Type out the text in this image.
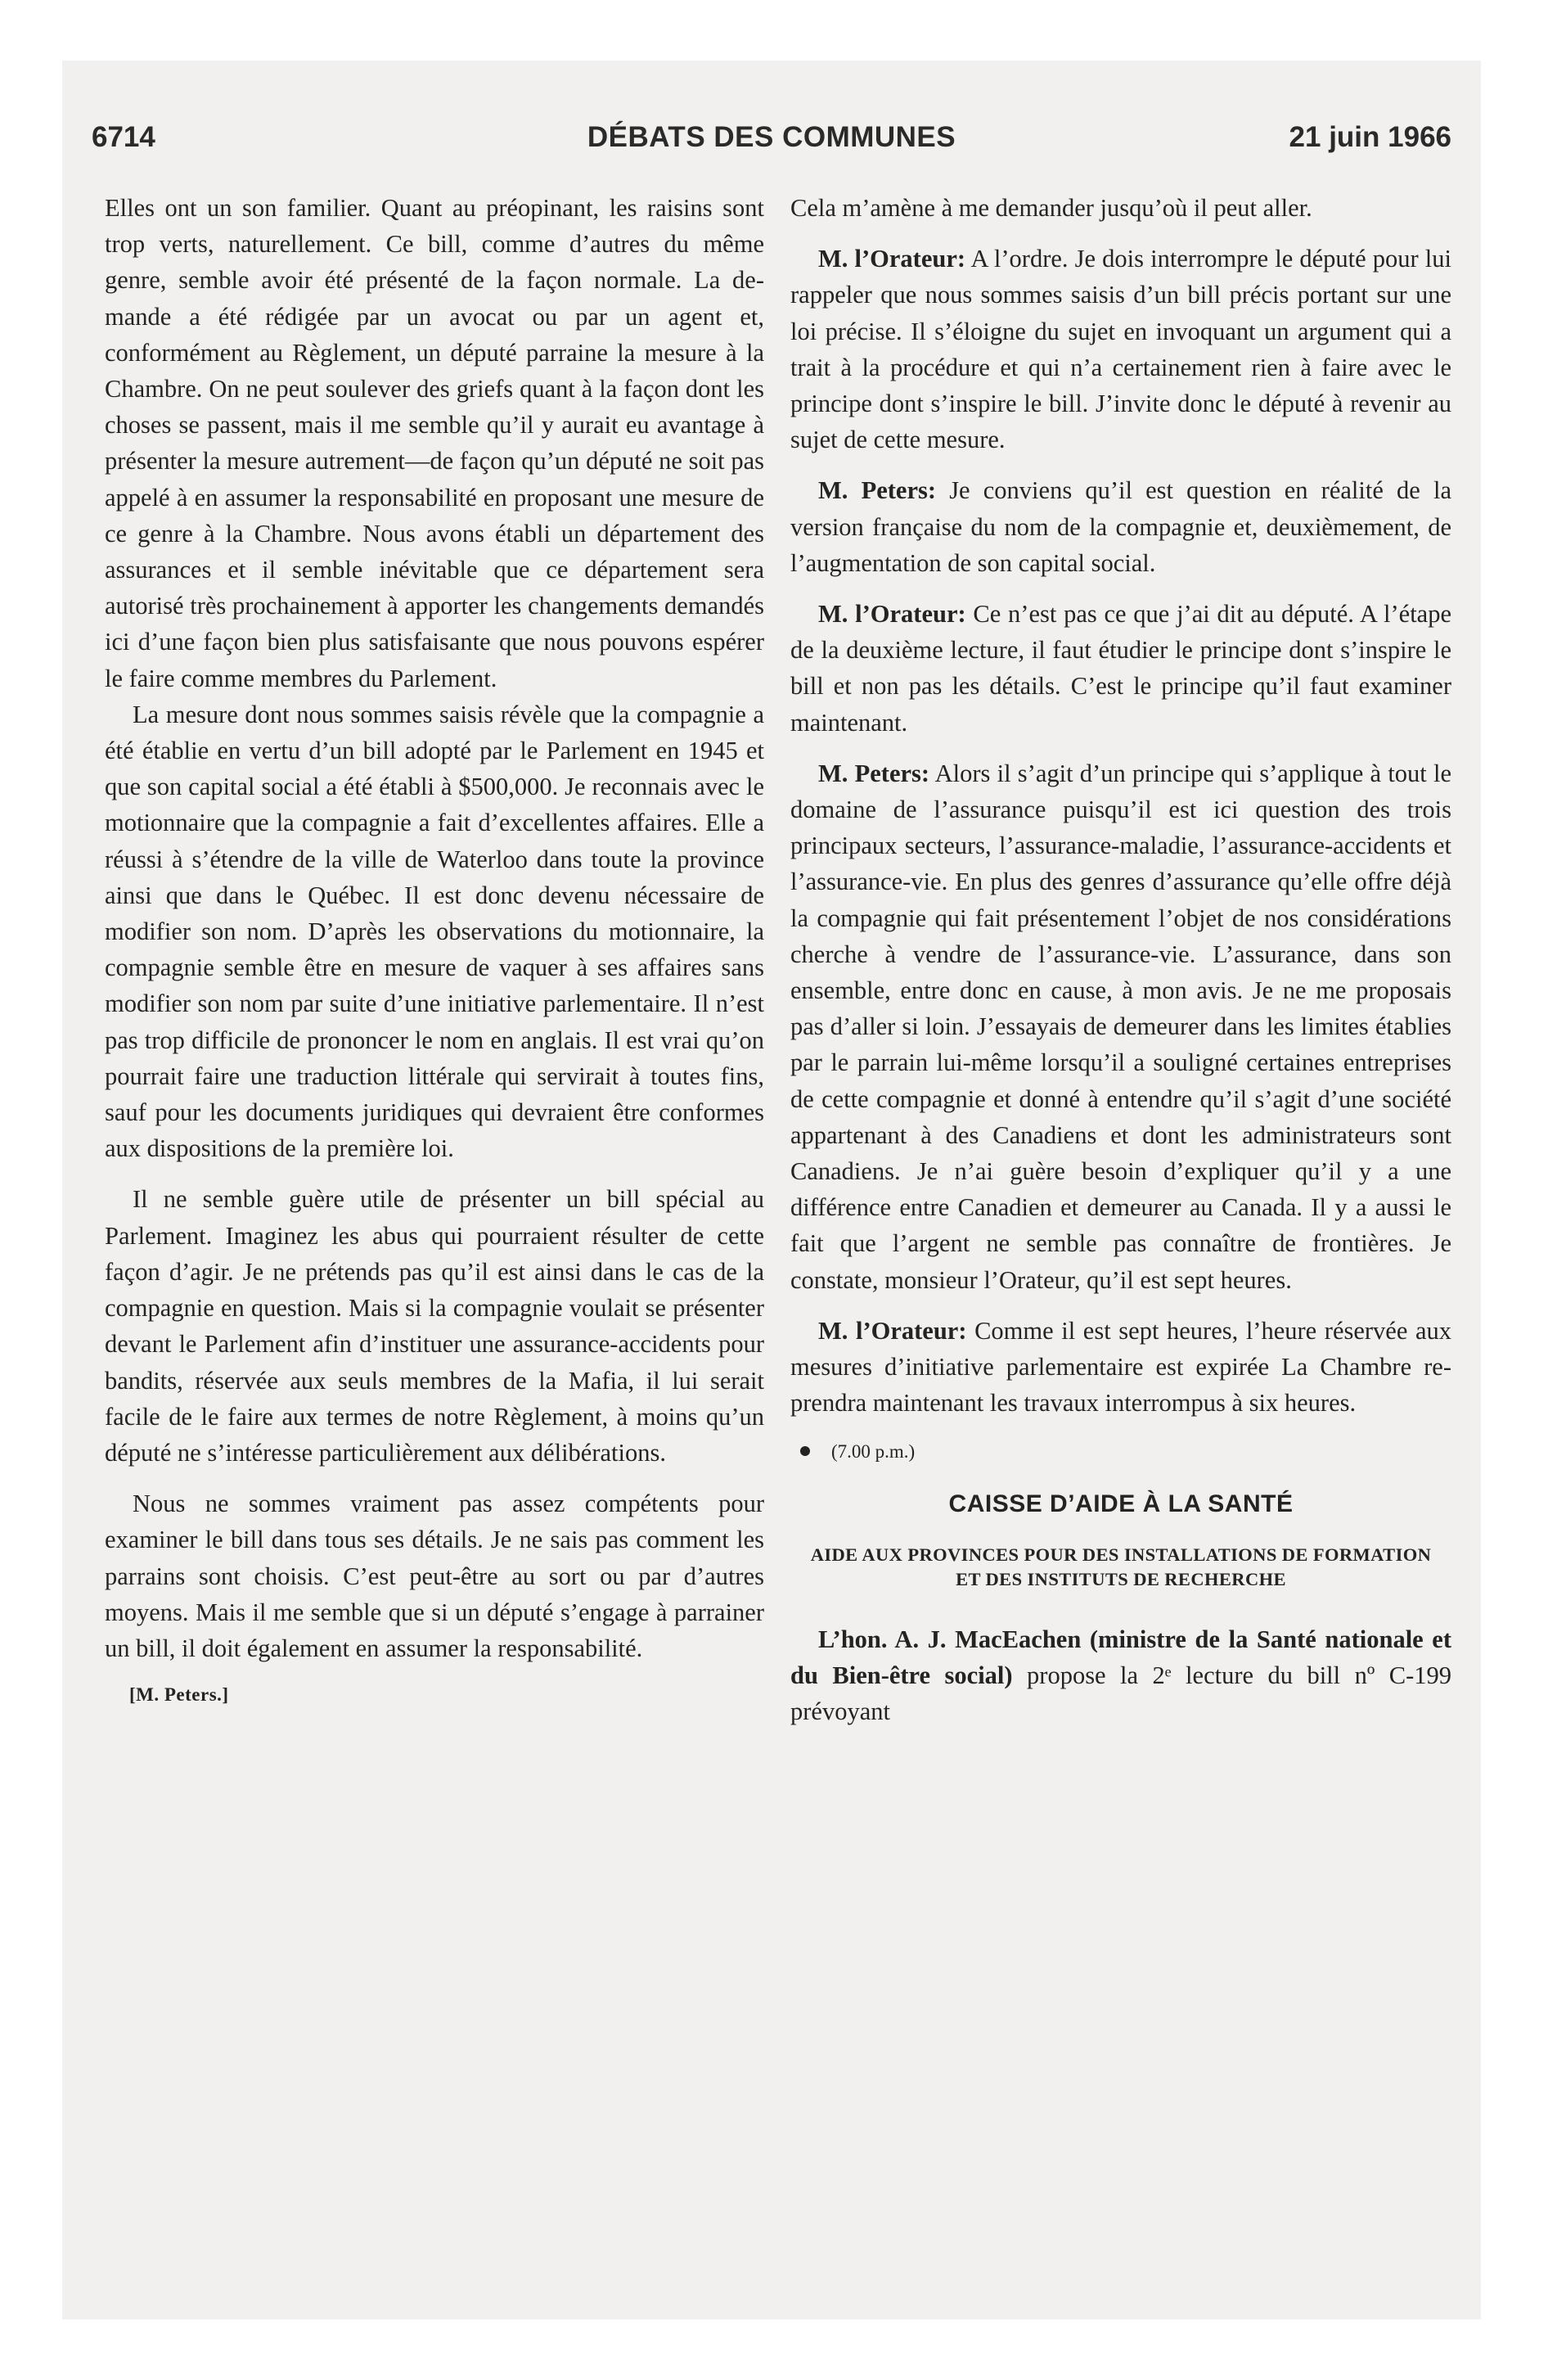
6714	DÉBATS DES COMMUNES	21 juin 1966

Elles ont un son familier. Quant au préopinant, les raisins sont trop verts, naturellement. Ce bill, comme d’autres du même genre, semble avoir été présenté de la façon normale. La demande a été rédigée par un avocat ou par un agent et, conformément au Règlement, un député parraine la mesure à la Chambre. On ne peut soulever des griefs quant à la façon dont les choses se passent, mais il me semble qu’il y aurait eu avantage à présenter la mesure autrement—de façon qu’un député ne soit pas appelé à en assumer la responsabilité en proposant une mesure de ce genre à la Chambre. Nous avons établi un département des assurances et il semble inévitable que ce département sera autorisé très prochainement à apporter les changements demandés ici d’une façon bien plus satisfaisante que nous pouvons espérer le faire comme membres du Parlement.

La mesure dont nous sommes saisis révèle que la compagnie a été établie en vertu d’un bill adopté par le Parlement en 1945 et que son capital social a été établi à $500,000. Je reconnais avec le motionnaire que la compagnie a fait d’excellentes affaires. Elle a réussi à s’étendre de la ville de Waterloo dans toute la province ainsi que dans le Québec. Il est donc devenu nécessaire de modifier son nom. D’après les observations du motionnaire, la compagnie semble être en mesure de vaquer à ses affaires sans modifier son nom par suite d’une initiative parlementaire. Il n’est pas trop difficile de prononcer le nom en anglais. Il est vrai qu’on pourrait faire une traduction littérale qui servirait à toutes fins, sauf pour les documents juridiques qui devraient être conformes aux dispositions de la première loi.

Il ne semble guère utile de présenter un bill spécial au Parlement. Imaginez les abus qui pourraient résulter de cette façon d’agir. Je ne prétends pas qu’il est ainsi dans le cas de la compagnie en question. Mais si la compagnie voulait se présenter devant le Parlement afin d’instituer une assurance-accidents pour bandits, réservée aux seuls membres de la Mafia, il lui serait facile de le faire aux termes de notre Règlement, à moins qu’un député ne s’intéresse particulièrement aux délibérations.

Nous ne sommes vraiment pas assez compétents pour examiner le bill dans tous ses détails. Je ne sais pas comment les parrains sont choisis. C’est peut-être au sort ou par d’autres moyens. Mais il me semble que si un député s’engage à parrainer un bill, il doit également en assumer la responsabilité.

[M. Peters.]

Cela m’amène à me demander jusqu’où il peut aller.

M. l’Orateur: A l’ordre. Je dois interrompre le député pour lui rappeler que nous sommes saisis d’un bill précis portant sur une loi précise. Il s’éloigne du sujet en invoquant un argument qui a trait à la procédure et qui n’a certainement rien à faire avec le principe dont s’inspire le bill. J’invite donc le député à revenir au sujet de cette mesure.

M. Peters: Je conviens qu’il est question en réalité de la version française du nom de la compagnie et, deuxièmement, de l’augmentation de son capital social.

M. l’Orateur: Ce n’est pas ce que j’ai dit au député. A l’étape de la deuxième lecture, il faut étudier le principe dont s’inspire le bill et non pas les détails. C’est le principe qu’il faut examiner maintenant.

M. Peters: Alors il s’agit d’un principe qui s’applique à tout le domaine de l’assurance puisqu’il est ici question des trois principaux secteurs, l’assurance-maladie, l’assurance-accidents et l’assurance-vie. En plus des genres d’assurance qu’elle offre déjà la compagnie qui fait présentement l’objet de nos considérations cherche à vendre de l’assurance-vie. L’assurance, dans son ensemble, entre donc en cause, à mon avis. Je ne me proposais pas d’aller si loin. J’essayais de demeurer dans les limites établies par le parrain lui-même lorsqu’il a souligné certaines entreprises de cette compagnie et donné à entendre qu’il s’agit d’une société appartenant à des Canadiens et dont les administrateurs sont Canadiens. Je n’ai guère besoin d’expliquer qu’il y a une différence entre Canadien et demeurer au Canada. Il y a aussi le fait que l’argent ne semble pas connaître de frontières. Je constate, monsieur l’Orateur, qu’il est sept heures.

M. l’Orateur: Comme il est sept heures, l’heure réservée aux mesures d’initiative parlementaire est expirée La Chambre reprendra maintenant les travaux interrompus à six heures.

(7.00 p.m.)

CAISSE D’AIDE À LA SANTÉ
AIDE AUX PROVINCES POUR DES INSTALLATIONS DE FORMATION ET DES INSTITUTS DE RECHERCHE

L’hon. A. J. MacEachen (ministre de la Santé nationale et du Bien-être social) propose la 2ᵉ lecture du bill nº C-199 prévoyant
